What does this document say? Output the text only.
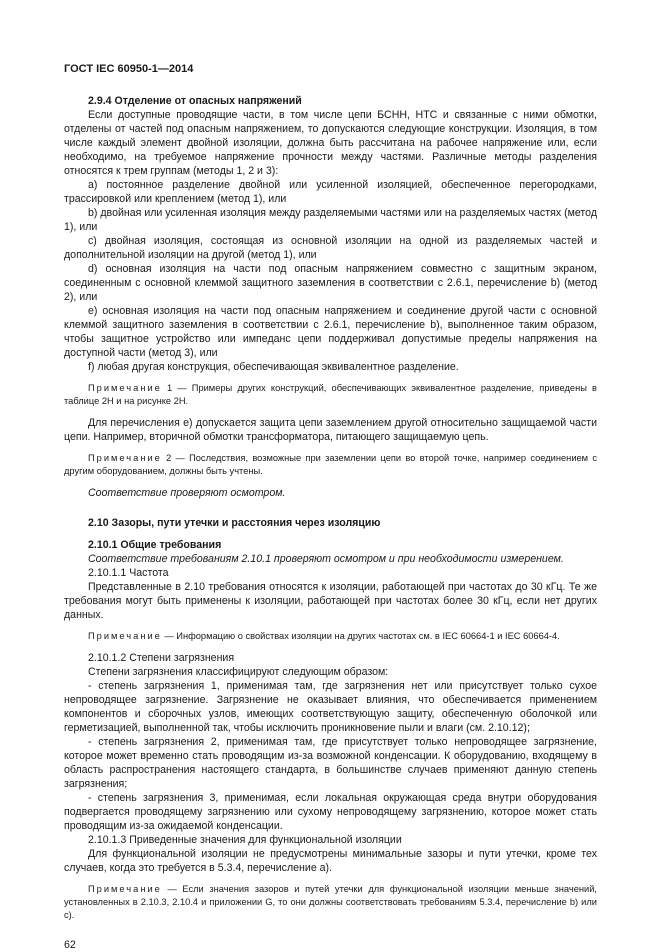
ГОСТ IEC 60950-1—2014
2.9.4 Отделение от опасных напряжений
Если доступные проводящие части, в том числе цепи БСНН, НТС и связанные с ними обмотки, отделены от частей под опасным напряжением, то допускаются следующие конструкции. Изоляция, в том числе каждый элемент двойной изоляции, должна быть рассчитана на рабочее напряжение или, если необходимо, на требуемое напряжение прочности между частями. Различные методы разделения относятся к трем группам (методы 1, 2 и 3):
a) постоянное разделение двойной или усиленной изоляцией, обеспеченное перегородками, трассировкой или креплением (метод 1), или
b) двойная или усиленная изоляция между разделяемыми частями или на разделяемых частях (метод 1), или
c) двойная изоляция, состоящая из основной изоляции на одной из разделяемых частей и дополнительной изоляции на другой (метод 1), или
d) основная изоляция на части под опасным напряжением совместно с защитным экраном, соединенным с основной клеммой защитного заземления в соответствии с 2.6.1, перечисление b) (метод 2), или
e) основная изоляция на части под опасным напряжением и соединение другой части с основной клеммой защитного заземления в соответствии с 2.6.1, перечисление b), выполненное таким образом, чтобы защитное устройство или импеданс цепи поддерживал допустимые пределы напряжения на доступной части (метод 3), или
f) любая другая конструкция, обеспечивающая эквивалентное разделение.
Примечание 1 — Примеры других конструкций, обеспечивающих эквивалентное разделение, приведены в таблице 2Н и на рисунке 2Н.
Для перечисления e) допускается защита цепи заземлением другой относительно защищаемой части цепи. Например, вторичной обмотки трансформатора, питающего защищаемую цепь.
Примечание 2 — Последствия, возможные при заземлении цепи во второй точке, например соединением с другим оборудованием, должны быть учтены.
Соответствие проверяют осмотром.
2.10 Зазоры, пути утечки и расстояния через изоляцию
2.10.1 Общие требования
Соответствие требованиям 2.10.1 проверяют осмотром и при необходимости измерением.
2.10.1.1 Частота
Представленные в 2.10 требования относятся к изоляции, работающей при частотах до 30 кГц. Те же требования могут быть применены к изоляции, работающей при частотах более 30 кГц, если нет других данных.
Примечание — Информацию о свойствах изоляции на других частотах см. в IEC 60664-1 и IEC 60664-4.
2.10.1.2 Степени загрязнения
Степени загрязнения классифицируют следующим образом:
- степень загрязнения 1, применимая там, где загрязнения нет или присутствует только сухое непроводящее загрязнение. Загрязнение не оказывает влияния, что обеспечивается применением компонентов и сборочных узлов, имеющих соответствующую защиту, обеспеченную оболочкой или герметизацией, выполненной так, чтобы исключить проникновение пыли и влаги (см. 2.10.12);
- степень загрязнения 2, применимая там, где присутствует только непроводящее загрязнение, которое может временно стать проводящим из-за возможной конденсации. К оборудованию, входящему в область распространения настоящего стандарта, в большинстве случаев применяют данную степень загрязнения;
- степень загрязнения 3, применимая, если локальная окружающая среда внутри оборудования подвергается проводящему загрязнению или сухому непроводящему загрязнению, которое может стать проводящим из-за ожидаемой конденсации.
2.10.1.3 Приведенные значения для функциональной изоляции
Для функциональной изоляции не предусмотрены минимальные зазоры и пути утечки, кроме тех случаев, когда это требуется в 5.3.4, перечисление a).
Примечание — Если значения зазоров и путей утечки для функциональной изоляции меньше значений, установленных в 2.10.3, 2.10.4 и приложении G, то они должны соответствовать требованиям 5.3.4, перечисление b) или c).
62
